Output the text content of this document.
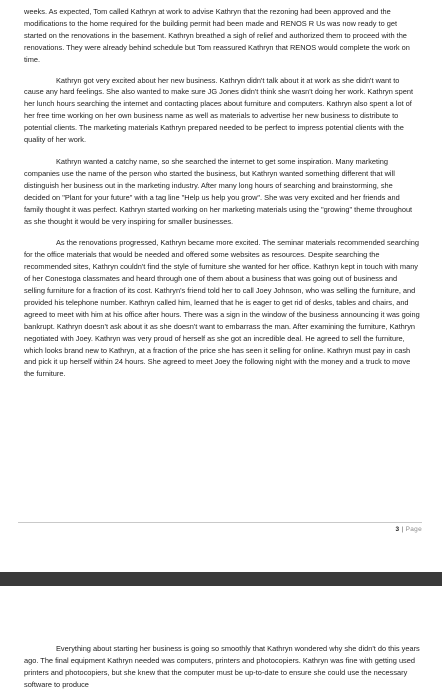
weeks. As expected, Tom called Kathryn at work to advise Kathryn that the rezoning had been approved and the modifications to the home required for the building permit had been made and RENOS R Us was now ready to get started on the renovations in the basement. Kathryn breathed a sigh of relief and authorized them to proceed with the renovations. They were already behind schedule but Tom reassured Kathryn that RENOS would complete the work on time.

Kathryn got very excited about her new business. Kathryn didn't talk about it at work as she didn't want to cause any hard feelings. She also wanted to make sure JG Jones didn't think she wasn't doing her work. Kathryn spent her lunch hours searching the internet and contacting places about furniture and computers. Kathryn also spent a lot of her free time working on her own business name as well as materials to advertise her new business to distribute to potential clients. The marketing materials Kathryn prepared needed to be perfect to impress potential clients with the quality of her work.

Kathryn wanted a catchy name, so she searched the internet to get some inspiration. Many marketing companies use the name of the person who started the business, but Kathryn wanted something different that will distinguish her business out in the marketing industry. After many long hours of searching and brainstorming, she decided on "Plant for your future" with a tag line "Help us help you grow". She was very excited and her friends and family thought it was perfect. Kathryn started working on her marketing materials using the "growing" theme throughout as she thought it would be very inspiring for smaller businesses.

As the renovations progressed, Kathryn became more excited. The seminar materials recommended searching for the office materials that would be needed and offered some websites as resources. Despite searching the recommended sites, Kathryn couldn't find the style of furniture she wanted for her office. Kathryn kept in touch with many of her Conestoga classmates and heard through one of them about a business that was going out of business and selling furniture for a fraction of its cost. Kathryn's friend told her to call Joey Johnson, who was selling the furniture, and provided his telephone number. Kathryn called him, learned that he is eager to get rid of desks, tables and chairs, and agreed to meet with him at his office after hours. There was a sign in the window of the business announcing it was going bankrupt. Kathryn doesn't ask about it as she doesn't want to embarrass the man. After examining the furniture, Kathryn negotiated with Joey. Kathryn was very proud of herself as she got an incredible deal. He agreed to sell the furniture, which looks brand new to Kathryn, at a fraction of the price she has seen it selling for online. Kathryn must pay in cash and pick it up herself within 24 hours. She agreed to meet Joey the following night with the money and a truck to move the furniture.

3 | Page

Everything about starting her business is going so smoothly that Kathryn wondered why she didn't do this years ago. The final equipment Kathryn needed was computers, printers and photocopiers. Kathryn was fine with getting used printers and photocopiers, but she knew that the computer must be up-to-date to ensure she could use the necessary software to produce
